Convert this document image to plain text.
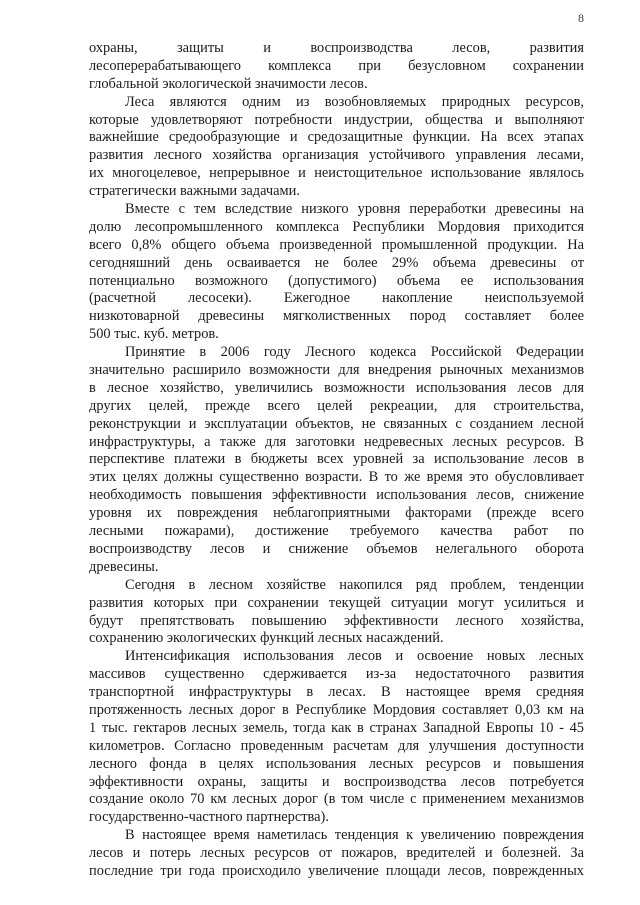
8
охраны, защиты и воспроизводства лесов, развития
лесоперерабатывающего комплекса при безусловном сохранении
глобальной экологической значимости лесов.
Леса являются одним из возобновляемых природных ресурсов,
которые удовлетворяют потребности индустрии, общества и выполняют
важнейшие средообразующие и средозащитные функции. На всех этапах
развития лесного хозяйства организация устойчивого управления лесами,
их многоцелевое, непрерывное и неистощительное использование являлось
стратегически важными задачами.
Вместе с тем вследствие низкого уровня переработки древесины на
долю лесопромышленного комплекса Республики Мордовия приходится
всего 0,8% общего объема произведенной промышленной продукции. На
сегодняшний день осваивается не более 29% объема древесины от
потенциально возможного (допустимого) объема ее использования
(расчетной лесосеки). Ежегодное накопление неиспользуемой
низкотоварной древесины мягколиственных пород составляет более
500 тыс. куб. метров.
Принятие в 2006 году Лесного кодекса Российской Федерации
значительно расширило возможности для внедрения рыночных механизмов
в лесное хозяйство, увеличились возможности использования лесов для
других целей, прежде всего целей рекреации, для строительства,
реконструкции и эксплуатации объектов, не связанных с созданием лесной
инфраструктуры, а также для заготовки недревесных лесных ресурсов. В
перспективе платежи в бюджеты всех уровней за использование лесов в
этих целях должны существенно возрасти. В то же время это обусловливает
необходимость повышения эффективности использования лесов, снижение
уровня их повреждения неблагоприятными факторами (прежде всего
лесными пожарами), достижение требуемого качества работ по
воспроизводству лесов и снижение объемов нелегального оборота
древесины.
Сегодня в лесном хозяйстве накопился ряд проблем, тенденции
развития которых при сохранении текущей ситуации могут усилиться и
будут препятствовать повышению эффективности лесного хозяйства,
сохранению экологических функций лесных насаждений.
Интенсификация использования лесов и освоение новых лесных
массивов существенно сдерживается из-за недостаточного развития
транспортной инфраструктуры в лесах. В настоящее время средняя
протяженность лесных дорог в Республике Мордовия составляет 0,03 км на
1 тыс. гектаров лесных земель, тогда как в странах Западной Европы 10 - 45
километров. Согласно проведенным расчетам для улучшения доступности
лесного фонда в целях использования лесных ресурсов и повышения
эффективности охраны, защиты и воспроизводства лесов потребуется
создание около 70 км лесных дорог (в том числе с применением механизмов
государственно-частного партнерства).
В настоящее время наметилась тенденция к увеличению повреждения
лесов и потерь лесных ресурсов от пожаров, вредителей и болезней. За
последние три года происходило увеличение площади лесов, поврежденных
